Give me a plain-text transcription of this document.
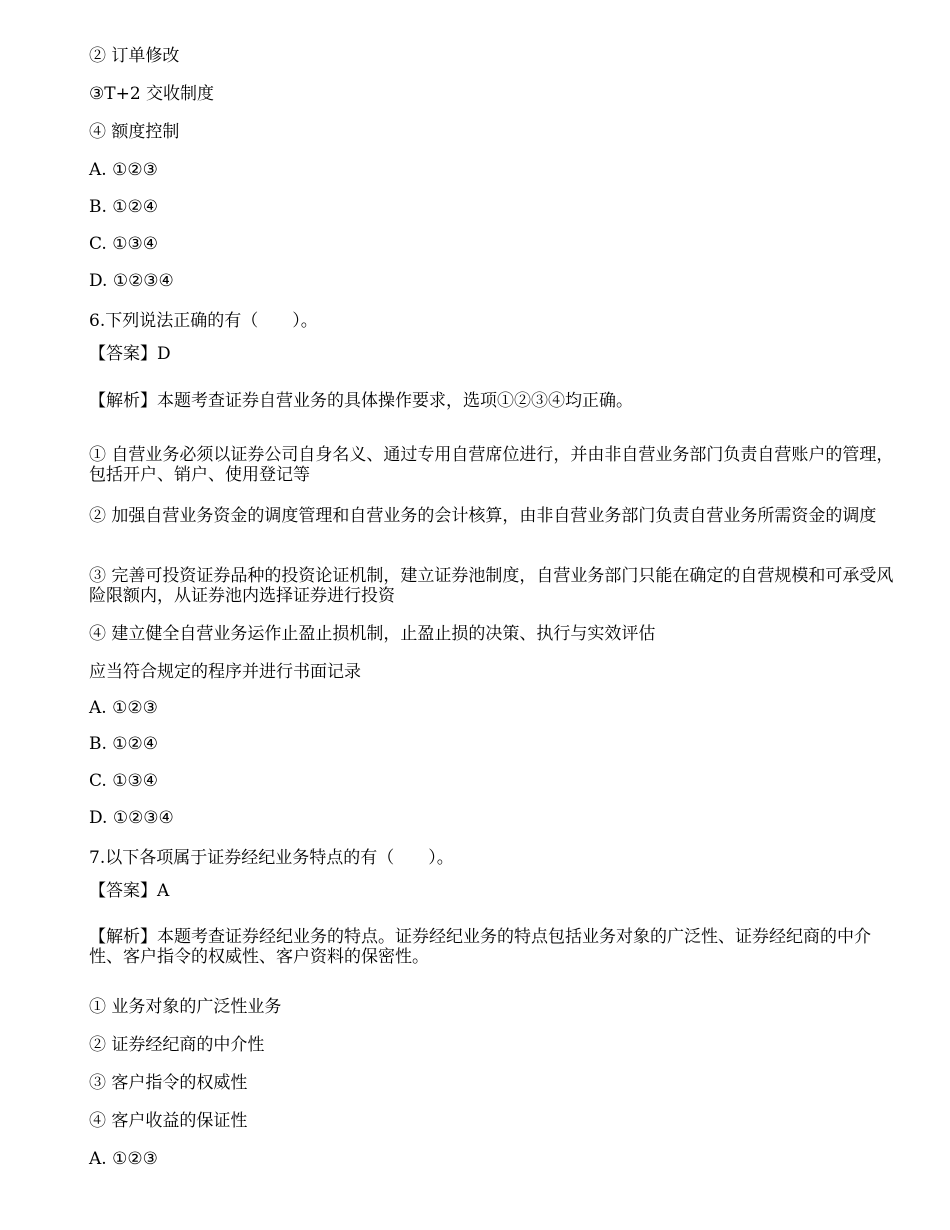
② 订单修改
③T+2 交收制度
④ 额度控制
A. ①②③
B. ①②④
C. ①③④
D. ①②③④
6.下列说法正确的有（　　）。
【答案】D
【解析】本题考查证券自营业务的具体操作要求，选项①②③④均正确。
① 自营业务必须以证券公司自身名义、通过专用自营席位进行，并由非自营业务部门负责自营账户的管理，包括开户、销户、使用登记等
② 加强自营业务资金的调度管理和自营业务的会计核算，由非自营业务部门负责自营业务所需资金的调度
③ 完善可投资证券品种的投资论证机制，建立证券池制度，自营业务部门只能在确定的自营规模和可承受风险限额内，从证券池内选择证券进行投资
④ 建立健全自营业务运作止盈止损机制，止盈止损的决策、执行与实效评估
应当符合规定的程序并进行书面记录
A. ①②③
B. ①②④
C. ①③④
D. ①②③④
7.以下各项属于证券经纪业务特点的有（　　）。
【答案】A
【解析】本题考查证券经纪业务的特点。证券经纪业务的特点包括业务对象的广泛性、证券经纪商的中介性、客户指令的权威性、客户资料的保密性。
① 业务对象的广泛性业务
② 证券经纪商的中介性
③ 客户指令的权威性
④ 客户收益的保证性
A. ①②③
